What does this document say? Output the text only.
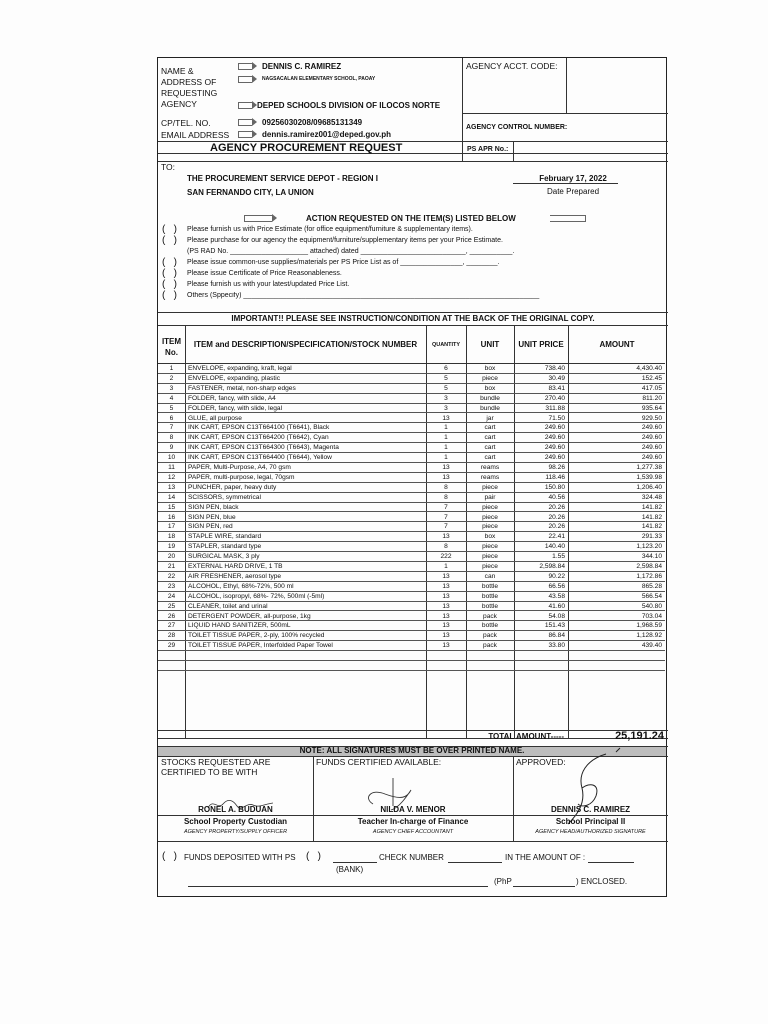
NAME &
ADDRESS OF
REQUESTING
AGENCY
DENNIS C. RAMIREZ
NAGSACALAN ELEMENTARY SCHOOL, PAOAY
DEPED SCHOOLS DIVISION OF ILOCOS NORTE
CP/TEL. NO.	09256030208/09685131349
EMAIL ADDRESS	dennis.ramirez001@deped.gov.ph
AGENCY ACCT. CODE:
AGENCY CONTROL NUMBER:
AGENCY PROCUREMENT REQUEST	PS APR No.:
TO:
THE PROCUREMENT SERVICE DEPOT - REGION I
SAN FERNANDO CITY, LA UNION
February 17, 2022
Date Prepared
ACTION REQUESTED ON THE ITEM(S) LISTED BELOW
(   )
(   )
(   )
(   )
(   )
(   )
Please furnish us with Price Estimate (for office equipment/furniture & supplementary items).
Please purchase for our agency the equipment/furniture/supplementary items per your Price Estimate.
(PS RAD No. ____________________ attached) dated ___________________________, ___________.
Please issue common-use supplies/materials per PS Price List as of ________________, ________.
Please issue Certificate of Price Reasonableness.
Please furnish us with your latest/updated Price List.
Others (Sppecify) ____________________________________________________________________________
IMPORTANT!! PLEASE SEE INSTRUCTION/CONDITION AT THE BACK OF THE ORIGINAL COPY.
ITEM
No.
ITEM and DESCRIPTION/SPECIFICATION/STOCK NUMBER	QUANTITY	UNIT	UNIT PRICE	AMOUNT
1	ENVELOPE, expanding, kraft, legal	6	box	738.40	4,430.40
2	ENVELOPE, expanding, plastic	5	piece	30.49	152.45
3	FASTENER, metal, non-sharp edges	5	box	83.41	417.05
4	FOLDER, fancy, with slide, A4	3	bundle	270.40	811.20
5	FOLDER, fancy, with slide, legal	3	bundle	311.88	935.64
6	GLUE, all purpose	13	jar	71.50	929.50
7	INK CART, EPSON C13T664100 (T6641), Black	1	cart	249.60	249.60
8	INK CART, EPSON C13T664200 (T6642), Cyan	1	cart	249.60	249.60
9	INK CART, EPSON C13T664300 (T6643), Magenta	1	cart	249.60	249.60
10	INK CART, EPSON C13T664400 (T6644), Yellow	1	cart	249.60	249.60
11	PAPER, Multi-Purpose, A4, 70 gsm	13	reams	98.26	1,277.38
12	PAPER, multi-purpose, legal, 70gsm	13	reams	118.46	1,539.98
13	PUNCHER, paper, heavy duty	8	piece	150.80	1,206.40
14	SCISSORS, symmetrical	8	pair	40.56	324.48
15	SIGN PEN, black	7	piece	20.26	141.82
16	SIGN PEN, blue	7	piece	20.26	141.82
17	SIGN PEN, red	7	piece	20.26	141.82
18	STAPLE WIRE, standard	13	box	22.41	291.33
19	STAPLER, standard type	8	piece	140.40	1,123.20
20	SURGICAL MASK, 3 ply	222	piece	1.55	344.10
21	EXTERNAL HARD DRIVE, 1 TB	1	piece	2,598.84	2,598.84
22	AIR FRESHENER, aerosol type	13	can	90.22	1,172.86
23	ALCOHOL, Ethyl, 68%-72%, 500 ml	13	bottle	66.56	865.28
24	ALCOHOL, isopropyl, 68%- 72%, 500ml (-5ml)	13	bottle	43.58	566.54
25	CLEANER, toilet and urinal	13	bottle	41.60	540.80
26	DETERGENT POWDER, all-purpose, 1kg	13	pack	54.08	703.04
27	LIQUID HAND SANITIZER, 500mL	13	bottle	151.43	1,968.59
28	TOILET TISSUE PAPER, 2-ply, 100% recycled	13	pack	86.84	1,128.92
29	TOILET TISSUE PAPER, Interfolded Paper Towel	13	pack	33.80	439.40
TOTAL AMOUNT-----	25,191.24
NOTE: ALL SIGNATURES MUST BE OVER PRINTED NAME.
STOCKS REQUESTED ARE
CERTIFIED TO BE WITH
FUNDS CERTIFIED AVAILABLE:	APPROVED:
RONEL A. BUDUAN	NILDA V. MENOR	DENNIS C. RAMIREZ
School Property Custodian	Teacher In-charge of Finance	School Principal II
AGENCY PROPERTY/SUPPLY OFFICER	AGENCY CHIEF ACCOUNTANT	AGENCY HEAD/AUTHORIZED SIGNATURE
(   ) FUNDS DEPOSITED WITH PS (   )	CHECK NUMBER	IN THE AMOUNT OF :
(BANK)
(PhP	) ENCLOSED.
